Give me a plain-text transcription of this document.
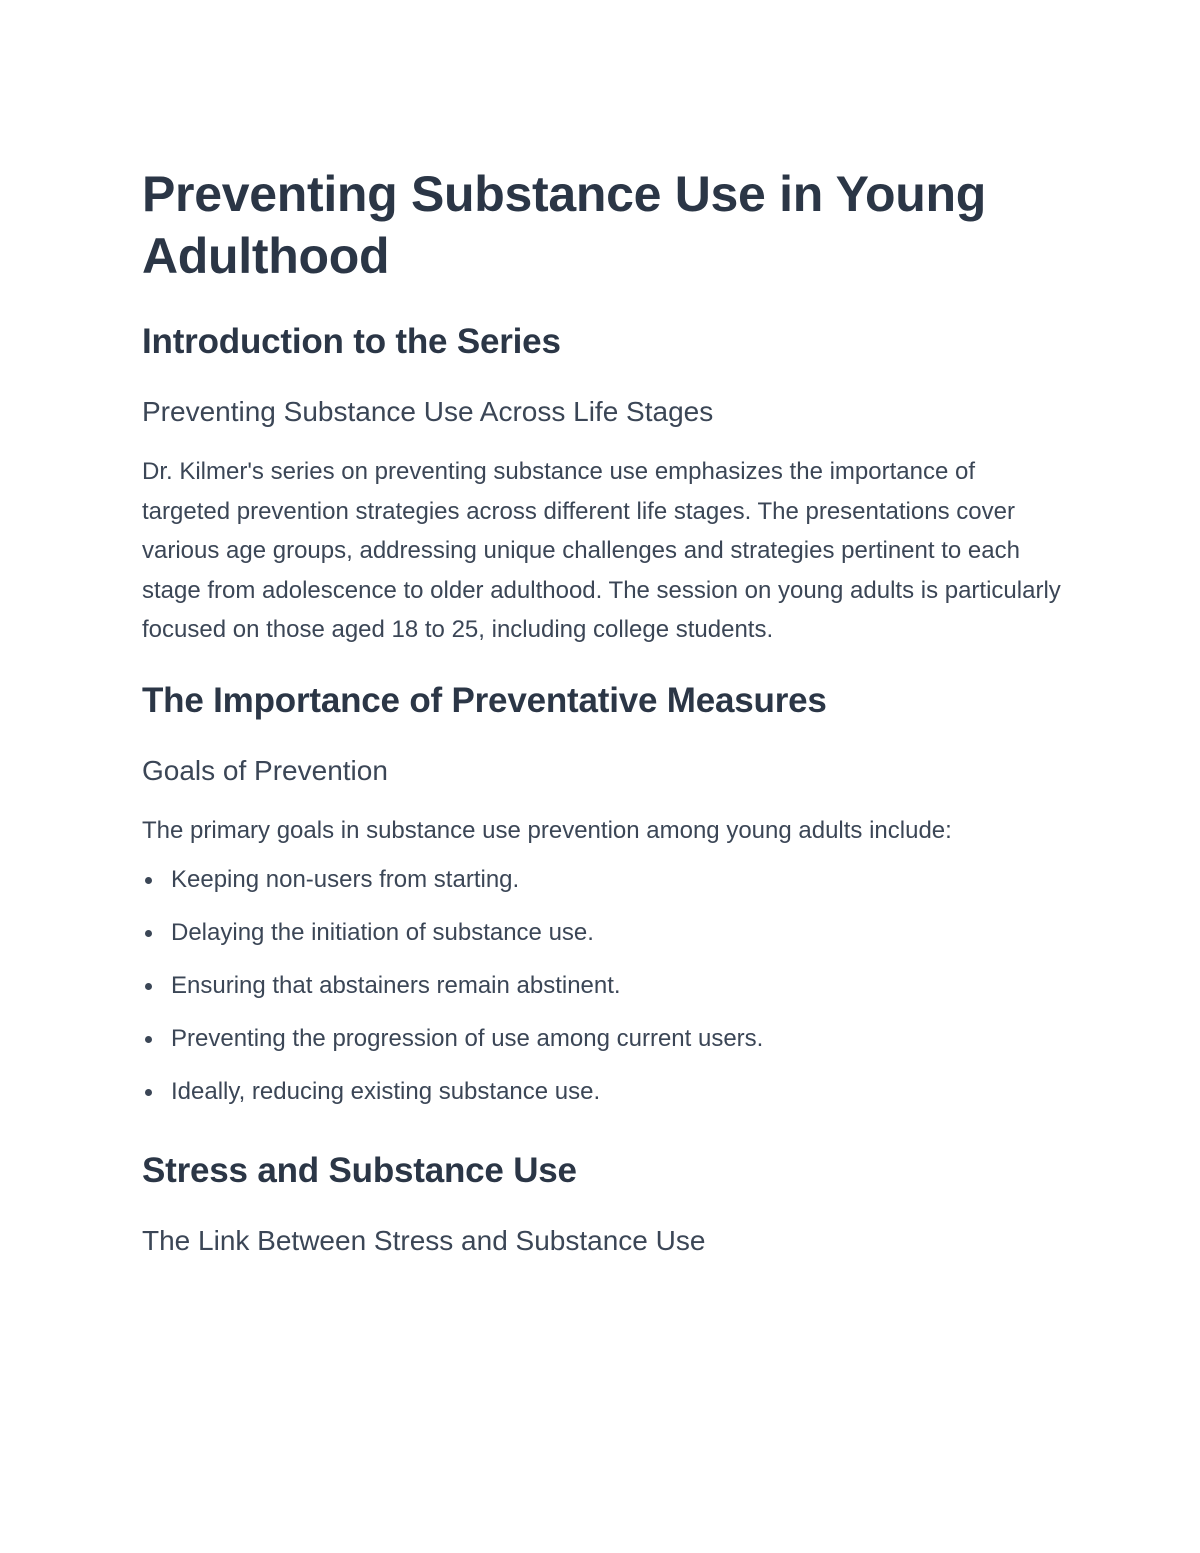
Preventing Substance Use in Young Adulthood
Introduction to the Series
Preventing Substance Use Across Life Stages

Dr. Kilmer's series on preventing substance use emphasizes the importance of targeted prevention strategies across different life stages. The presentations cover various age groups, addressing unique challenges and strategies pertinent to each stage from adolescence to older adulthood. The session on young adults is particularly focused on those aged 18 to 25, including college students.

The Importance of Preventative Measures
Goals of Prevention

The primary goals in substance use prevention among young adults include:

Keeping non-users from starting.
Delaying the initiation of substance use.
Ensuring that abstainers remain abstinent.
Preventing the progression of use among current users.
Ideally, reducing existing substance use.
Stress and Substance Use
The Link Between Stress and Substance Use
